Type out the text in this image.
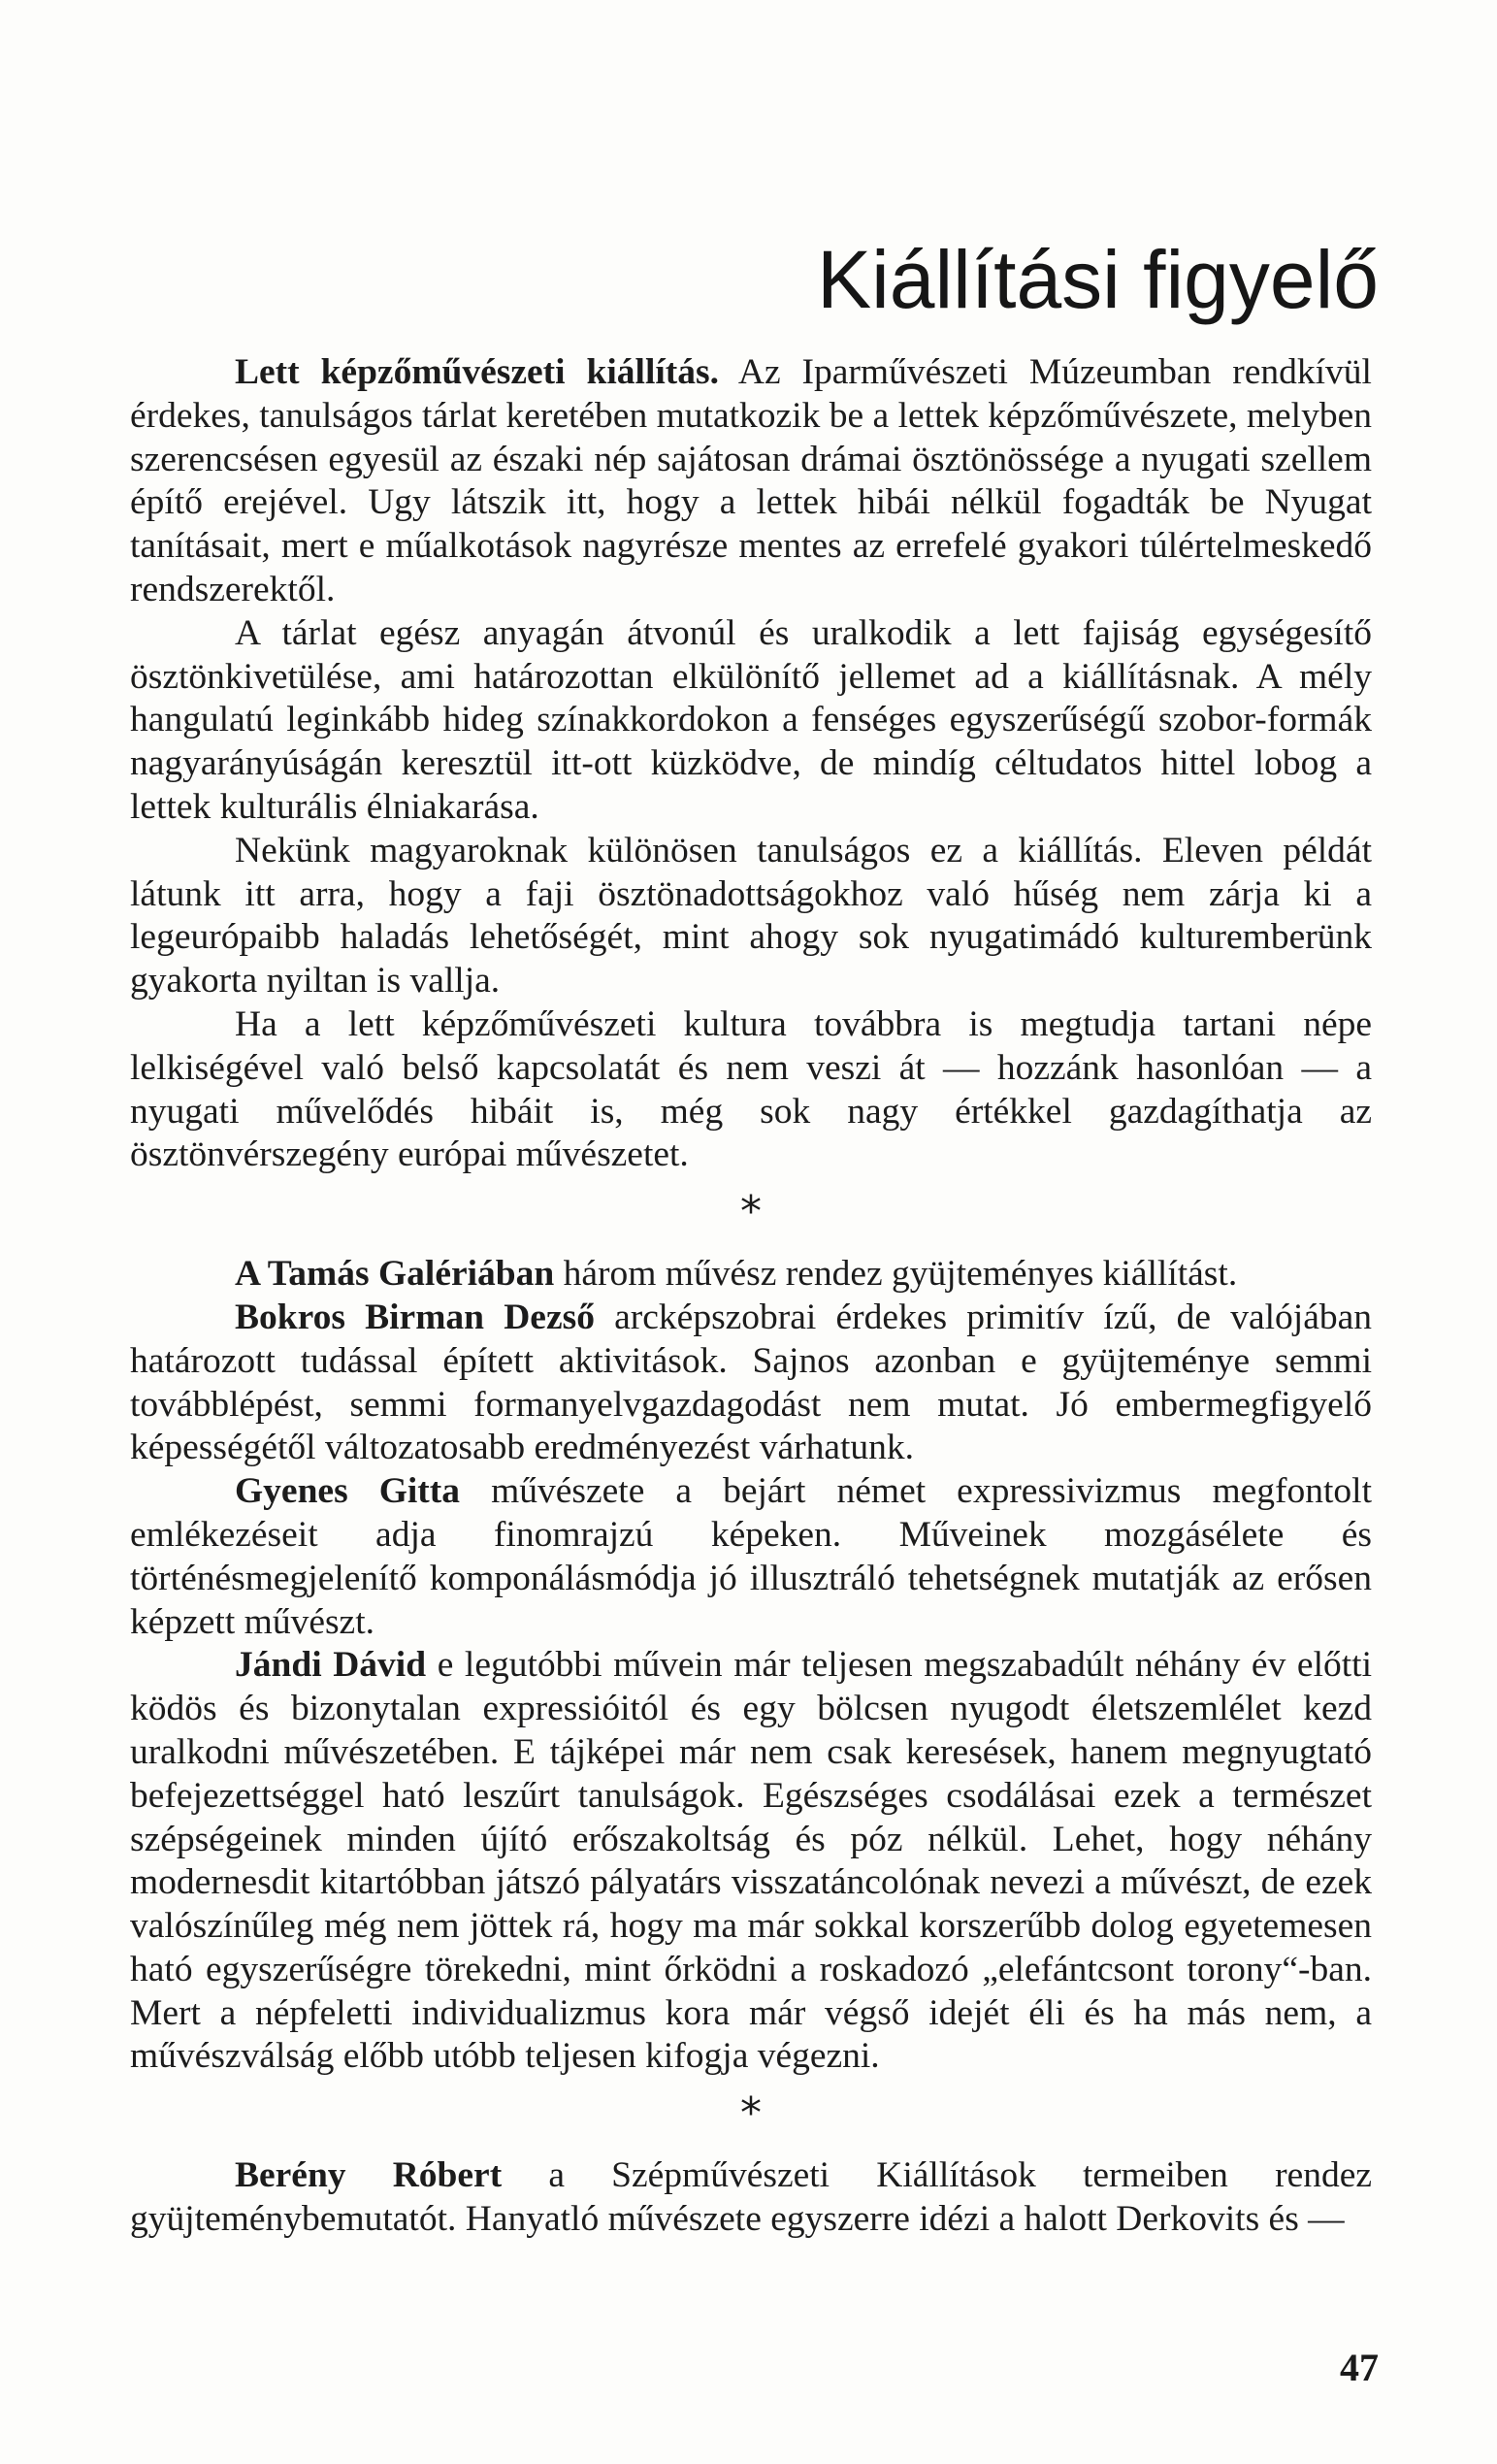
Kiállítási figyelő

Lett képzőművészeti kiállítás. Az Iparművészeti Múzeumban rendkívül érdekes, tanulságos tárlat keretében mutatkozik be a lettek képzőművészete, melyben szerencsésen egyesül az északi nép sajátosan drámai ösztönössége a nyugati szellem építő erejével. Ugy látszik itt, hogy a lettek hibái nélkül fogadták be Nyugat tanításait, mert e műalkotások nagyrésze mentes az errefelé gyakori túlértelmeskedő rendszerektől.

A tárlat egész anyagán átvonúl és uralkodik a lett fajiság egységesítő ösztönkivetülése, ami határozottan elkülönítő jellemet ad a kiállításnak. A mély hangulatú leginkább hideg színakkordokon a fenséges egyszerűségű szobor-formák nagyarányúságán keresztül itt-ott küzködve, de mindíg céltudatos hittel lobog a lettek kulturális élniakarása.

Nekünk magyaroknak különösen tanulságos ez a kiállítás. Eleven példát látunk itt arra, hogy a faji ösztönadottságokhoz való hűség nem zárja ki a legeurópaibb haladás lehetőségét, mint ahogy sok nyugatimádó kulturemberünk gyakorta nyiltan is vallja.

Ha a lett képzőművészeti kultura továbbra is megtudja tartani népe lelkiségével való belső kapcsolatát és nem veszi át — hozzánk hasonlóan — a nyugati művelődés hibáit is, még sok nagy értékkel gazdagíthatja az ösztönvérszegény európai művészetet.

*

A Tamás Galériában három művész rendez gyüjteményes kiállítást.

Bokros Birman Dezső arcképszobrai érdekes primitív ízű, de valójában határozott tudással épített aktivitások. Sajnos azonban e gyüjteménye semmi továbblépést, semmi formanyelvgazdagodást nem mutat. Jó embermegfigyelő képességétől változatosabb eredményezést várhatunk.

Gyenes Gitta művészete a bejárt német expressivizmus megfontolt emlékezéseit adja finomrajzú képeken. Műveinek mozgásélete és történésmegjelenítő komponálásmódja jó illusztráló tehetségnek mutatják az erősen képzett művészt.

Jándi Dávid e legutóbbi művein már teljesen megszabadúlt néhány év előtti ködös és bizonytalan expressióitól és egy bölcsen nyugodt életszemlélet kezd uralkodni művészetében. E tájképei már nem csak keresések, hanem megnyugtató befejezettséggel ható leszűrt tanulságok. Egészséges csodálásai ezek a természet szépségeinek minden újító erőszakoltság és póz nélkül. Lehet, hogy néhány modernesdit kitartóbban játszó pályatárs visszatáncolónak nevezi a művészt, de ezek valószínűleg még nem jöttek rá, hogy ma már sokkal korszerűbb dolog egyetemesen ható egyszerűségre törekedni, mint őrködni a roskadozó „elefántcsont torony“-ban. Mert a népfeletti individualizmus kora már végső idejét éli és ha más nem, a művészválság előbb utóbb teljesen kifogja végezni.

*

Berény Róbert a Szépművészeti Kiállítások termeiben rendez gyüjteménybemutatót. Hanyatló művészete egyszerre idézi a halott Derkovits és —

47
